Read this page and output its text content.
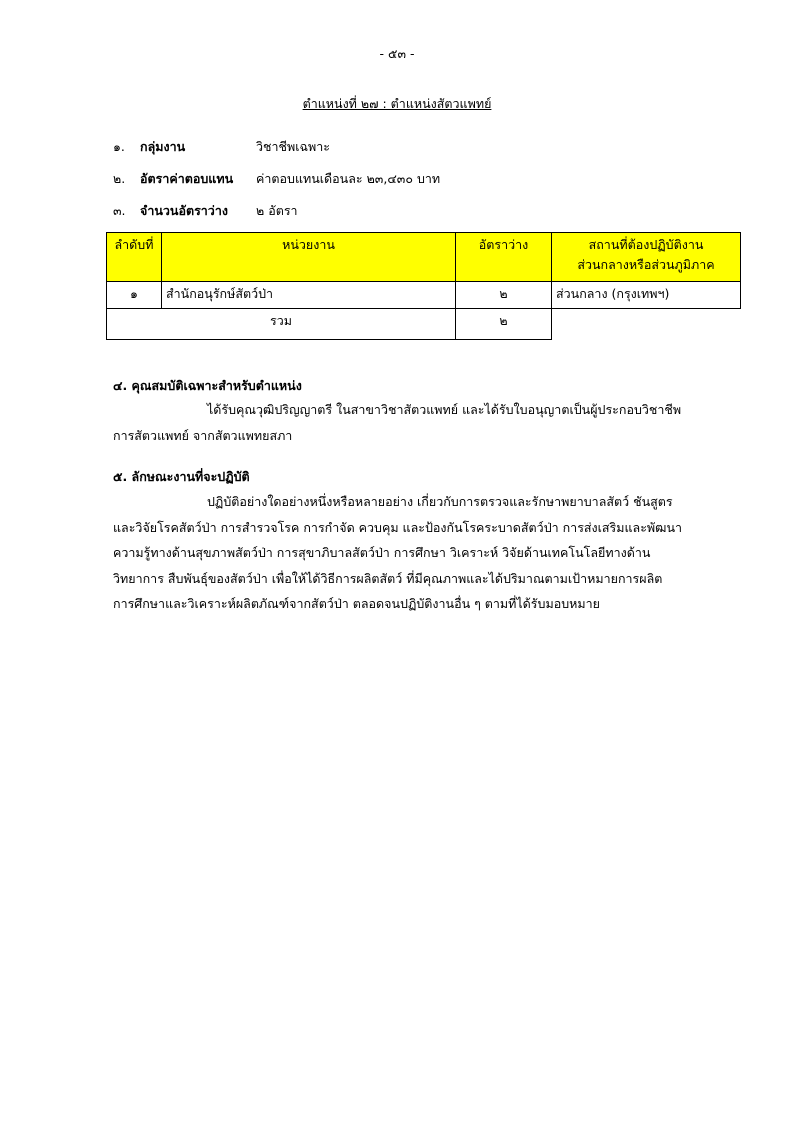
- ๕๓ -
ตำแหน่งที่ ๒๗ : ตำแหน่งสัตวแพทย์
๑. กลุ่มงาน	วิชาชีพเฉพาะ
๒. อัตราค่าตอบแทน ค่าตอบแทนเดือนละ ๒๓,๔๓๐ บาท
๓. จำนวนอัตราว่าง ๒ อัตรา
ลำดับที่	หน่วยงาน	อัตราว่าง	สถานที่ต้องปฏิบัติงาน
ส่วนกลางหรือส่วนภูมิภาค
๑	สำนักอนุรักษ์สัตว์ป่า	๒	ส่วนกลาง (กรุงเทพฯ)
รวม		๒	
๔. คุณสมบัติเฉพาะสำหรับตำแหน่ง
ได้รับคุณวุฒิปริญญาตรี ในสาขาวิชาสัตวแพทย์ และได้รับใบอนุญาตเป็นผู้ประกอบวิชาชีพ
การสัตวแพทย์ จากสัตวแพทยสภา
๕. ลักษณะงานที่จะปฏิบัติ
ปฏิบัติอย่างใดอย่างหนึ่งหรือหลายอย่าง เกี่ยวกับการตรวจและรักษาพยาบาลสัตว์ ชันสูตร
และวิจัยโรคสัตว์ป่า การสำรวจโรค การกำจัด ควบคุม และป้องกันโรคระบาดสัตว์ป่า การส่งเสริมและพัฒนา
ความรู้ทางด้านสุขภาพสัตว์ป่า การสุขาภิบาลสัตว์ป่า การศึกษา วิเคราะห์ วิจัยด้านเทคโนโลยีทางด้าน
วิทยาการ สืบพันธุ์ของสัตว์ป่า เพื่อให้ได้วิธีการผลิตสัตว์ ที่มีคุณภาพและได้ปริมาณตามเป้าหมายการผลิต
การศึกษาและวิเคราะห์ผลิตภัณฑ์จากสัตว์ป่า ตลอดจนปฏิบัติงานอื่น ๆ ตามที่ได้รับมอบหมาย
